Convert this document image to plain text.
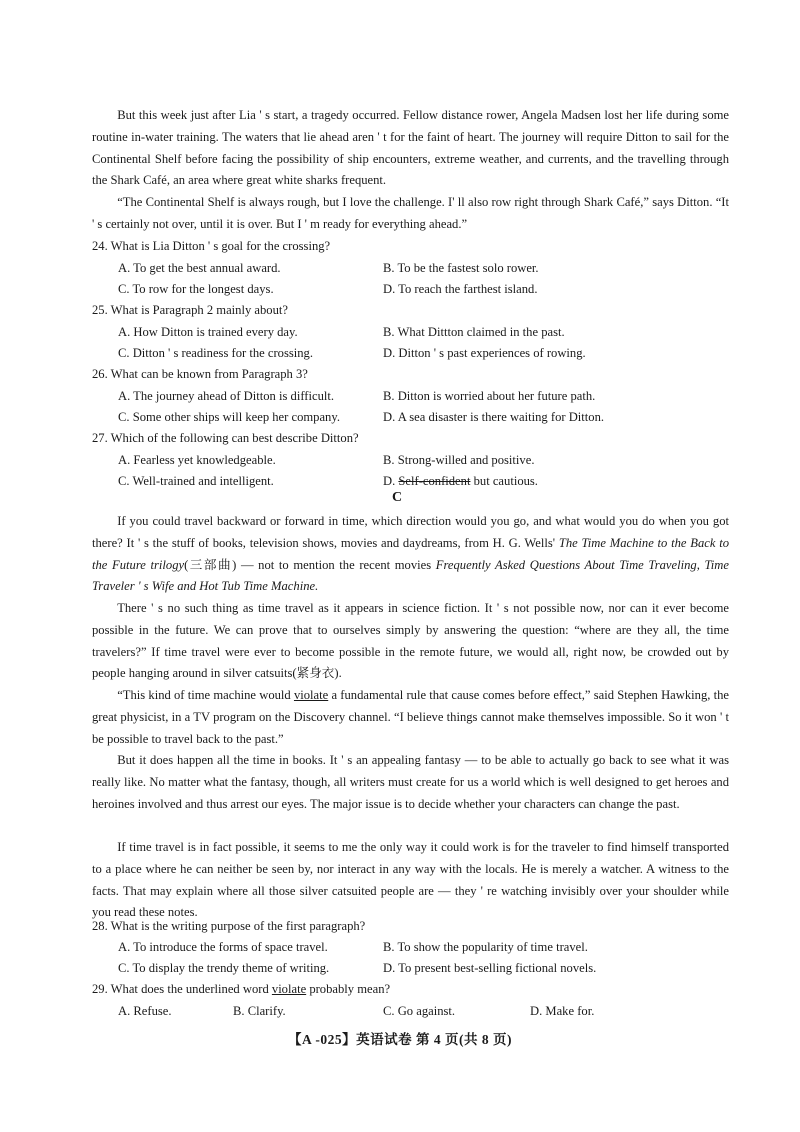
But this week just after Lia ' s start, a tragedy occurred. Fellow distance rower, Angela Madsen lost her life during some routine in-water training. The waters that lie ahead aren ' t for the faint of heart. The journey will require Ditton to sail for the Continental Shelf before facing the possibility of ship encounters, extreme weather, and currents, and the travelling through the Shark Café, an area where great white sharks frequent.
“The Continental Shelf is always rough, but I love the challenge. I' ll also row right through Shark Café,” says Ditton. “It ' s certainly not over, until it is over. But I ' m ready for everything ahead.”
24. What is Lia Ditton ' s goal for the crossing?
A. To get the best annual award.	B. To be the fastest solo rower.
C. To row for the longest days.	D. To reach the farthest island.
25. What is Paragraph 2 mainly about?
A. How Ditton is trained every day.	B. What Dittton claimed in the past.
C. Ditton ' s readiness for the crossing.	D. Ditton ' s past experiences of rowing.
26. What can be known from Paragraph 3?
A. The journey ahead of Ditton is difficult.	B. Ditton is worried about her future path.
C. Some other ships will keep her company.	D. A sea disaster is there waiting for Ditton.
27. Which of the following can best describe Ditton?
A. Fearless yet knowledgeable.	B. Strong-willed and positive.
C. Well-trained and intelligent.	D. Self-confident but cautious.
C
If you could travel backward or forward in time, which direction would you go, and what would you do when you got there? It ' s the stuff of books, television shows, movies and daydreams, from H. G. Wells' The Time Machine to the Back to the Future trilogy(三部曲) — not to mention the recent movies Frequently Asked Questions About Time Traveling, Time Traveler ' s Wife and Hot Tub Time Machine.
There ' s no such thing as time travel as it appears in science fiction. It ' s not possible now, nor can it ever become possible in the future. We can prove that to ourselves simply by answering the question: “where are they all, the time travelers?” If time travel were ever to become possible in the remote future, we would all, right now, be crowded out by people hanging around in silver catsuits(紧身衣).
“This kind of time machine would violate a fundamental rule that cause comes before effect,” said Stephen Hawking, the great physicist, in a TV program on the Discovery channel. “I believe things cannot make themselves impossible. So it won ' t be possible to travel back to the past.”
But it does happen all the time in books. It ' s an appealing fantasy — to be able to actually go back to see what it was really like. No matter what the fantasy, though, all writers must create for us a world which is well designed to get heroes and heroines involved and thus arrest our eyes. The major issue is to decide whether your characters can change the past.
If time travel is in fact possible, it seems to me the only way it could work is for the traveler to find himself transported to a place where he can neither be seen by, nor interact in any way with the locals. He is merely a watcher. A witness to the facts. That may explain where all those silver catsuited people are — they ' re watching invisibly over your shoulder while you read these notes.
28. What is the writing purpose of the first paragraph?
A. To introduce the forms of space travel.	B. To show the popularity of time travel.
C. To display the trendy theme of writing.	D. To present best-selling fictional novels.
29. What does the underlined word violate probably mean?
A. Refuse.	B. Clarify.	C. Go against.	D. Make for.
【A -025】英语试卷 第 4 页(共 8 页)
